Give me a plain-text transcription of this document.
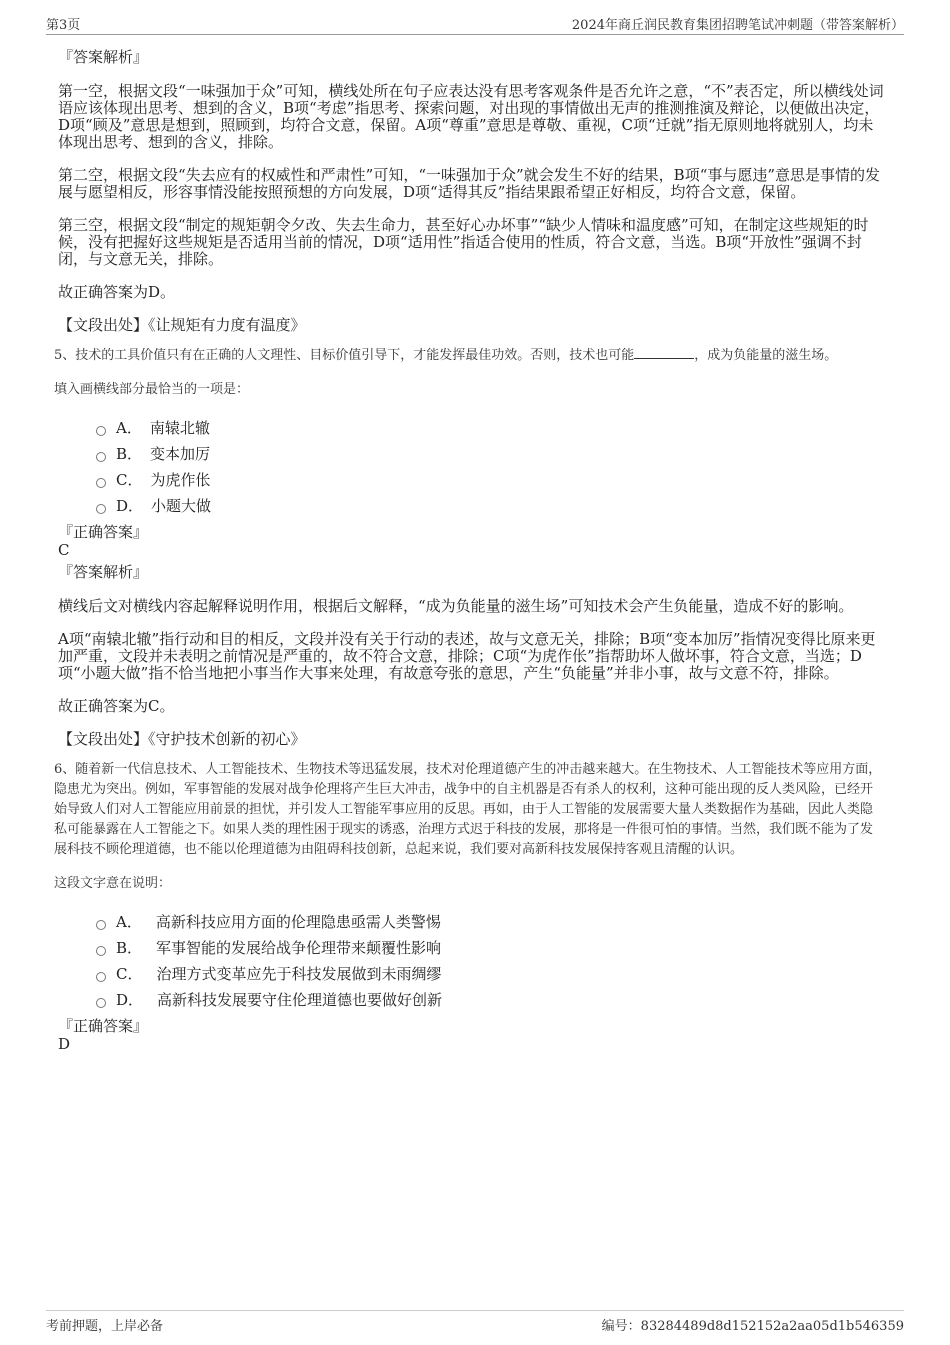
第3页	2024年商丘润民教育集团招聘笔试冲刺题（带答案解析）

『答案解析』

第一空，根据文段“一味强加于众”可知，横线处所在句子应表达没有思考客观条件是否允许之意，“不”表否定，所以横线处词语应该体现出思考、想到的含义，B项“考虑”指思考、探索问题，对出现的事情做出无声的推测推演及辩论，以便做出决定，D项“顾及”意思是想到，照顾到，均符合文意，保留。A项“尊重”意思是尊敬、重视，C项“迁就”指无原则地将就别人，均未体现出思考、想到的含义，排除。

第二空，根据文段“失去应有的权威性和严肃性”可知，“一味强加于众”就会发生不好的结果，B项“事与愿违”意思是事情的发展与愿望相反，形容事情没能按照预想的方向发展，D项“适得其反”指结果跟希望正好相反，均符合文意，保留。

第三空，根据文段“制定的规矩朝令夕改、失去生命力，甚至好心办坏事”“缺少人情味和温度感”可知，在制定这些规矩的时候，没有把握好这些规矩是否适用当前的情况，D项“适用性”指适合使用的性质，符合文意，当选。B项“开放性”强调不封闭，与文意无关，排除。

故正确答案为D。

【文段出处】《让规矩有力度有温度》

5、技术的工具价值只有在正确的人文理性、目标价值引导下，才能发挥最佳功效。否则，技术也可能	，成为负能量的滋生场。

填入画横线部分最恰当的一项是：

A． 南辕北辙
B． 变本加厉
C． 为虎作伥
D． 小题大做

『正确答案』

C

『答案解析』

横线后文对横线内容起解释说明作用，根据后文解释，“成为负能量的滋生场”可知技术会产生负能量，造成不好的影响。

A项“南辕北辙”指行动和目的相反，文段并没有关于行动的表述，故与文意无关，排除；B项“变本加厉”指情况变得比原来更加严重，文段并未表明之前情况是严重的，故不符合文意，排除；C项“为虎作伥”指帮助坏人做坏事，符合文意，当选；D项“小题大做”指不恰当地把小事当作大事来处理，有故意夸张的意思，产生“负能量”并非小事，故与文意不符，排除。

故正确答案为C。

【文段出处】《守护技术创新的初心》

6、随着新一代信息技术、人工智能技术、生物技术等迅猛发展，技术对伦理道德产生的冲击越来越大。在生物技术、人工智能技术等应用方面，隐患尤为突出。例如，军事智能的发展对战争伦理将产生巨大冲击，战争中的自主机器是否有杀人的权利，这种可能出现的反人类风险，已经开始导致人们对人工智能应用前景的担忧，并引发人工智能军事应用的反思。再如，由于人工智能的发展需要大量人类数据作为基础，因此人类隐私可能暴露在人工智能之下。如果人类的理性困于现实的诱惑，治理方式迟于科技的发展，那将是一件很可怕的事情。当然，我们既不能为了发展科技不顾伦理道德，也不能以伦理道德为由阻碍科技创新，总起来说，我们要对高新科技发展保持客观且清醒的认识。

这段文字意在说明：

A． 高新科技应用方面的伦理隐患亟需人类警惕
B． 军事智能的发展给战争伦理带来颠覆性影响
C． 治理方式变革应先于科技发展做到未雨绸缪
D． 高新科技发展要守住伦理道德也要做好创新

『正确答案』

D

考前押题，上岸必备	编号：83284489d8d152152a2aa05d1b546359
